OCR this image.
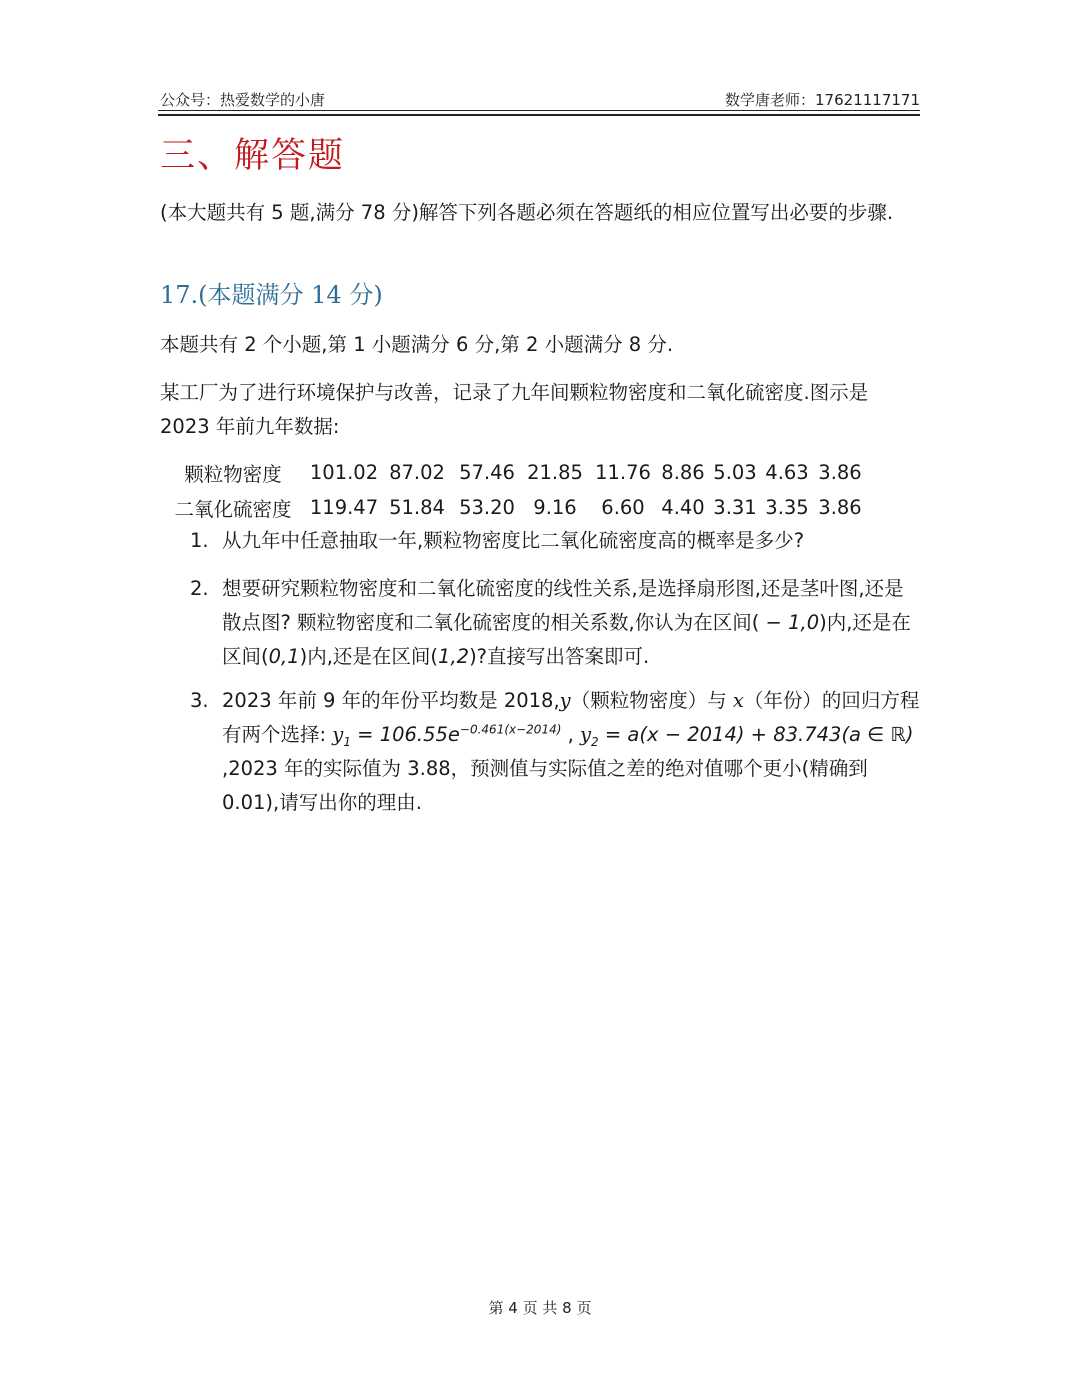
公众号：热爱数学的小唐	数学唐老师：17621117171
三、解答题

(本大题共有 5 题,满分 78 分)解答下列各题必须在答题纸的相应位置写出必要的步骤.

17.(本题满分 14 分)

本题共有 2 个小题,第 1 小题满分 6 分,第 2 小题满分 8 分.

某工厂为了进行环境保护与改善，记录了九年间颗粒物密度和二氧化硫密度.图示是 2023 年前九年数据:

颗粒物密度	101.02	87.02	57.46	21.85	11.76	8.86	5.03	4.63	3.86
二氧化硫密度	119.47	51.84	53.20	9.16	6.60	4.40	3.31	3.35	3.86
1. 从九年中任意抽取一年,颗粒物密度比二氧化硫密度高的概率是多少?
2. 想要研究颗粒物密度和二氧化硫密度的线性关系,是选择扇形图,还是茎叶图,还是散点图? 颗粒物密度和二氧化硫密度的相关系数,你认为在区间( − 1,0)内,还是在区间(0,1)内,还是在区间(1,2)?直接写出答案即可.
3. 2023 年前 9 年的年份平均数是 2018,y（颗粒物密度）与 x（年份）的回归方程有两个选择: $y_1 = 106.55e^{-0.461(x-2014)}$ , $y_2 = a(x - 2014) + 83.743(a$ ∈ ℝ) ,2023 年的实际值为 3.88，预测值与实际值之差的绝对值哪个更小(精确到 0.01),请写出你的理由.
第 4 页 共 8 页
